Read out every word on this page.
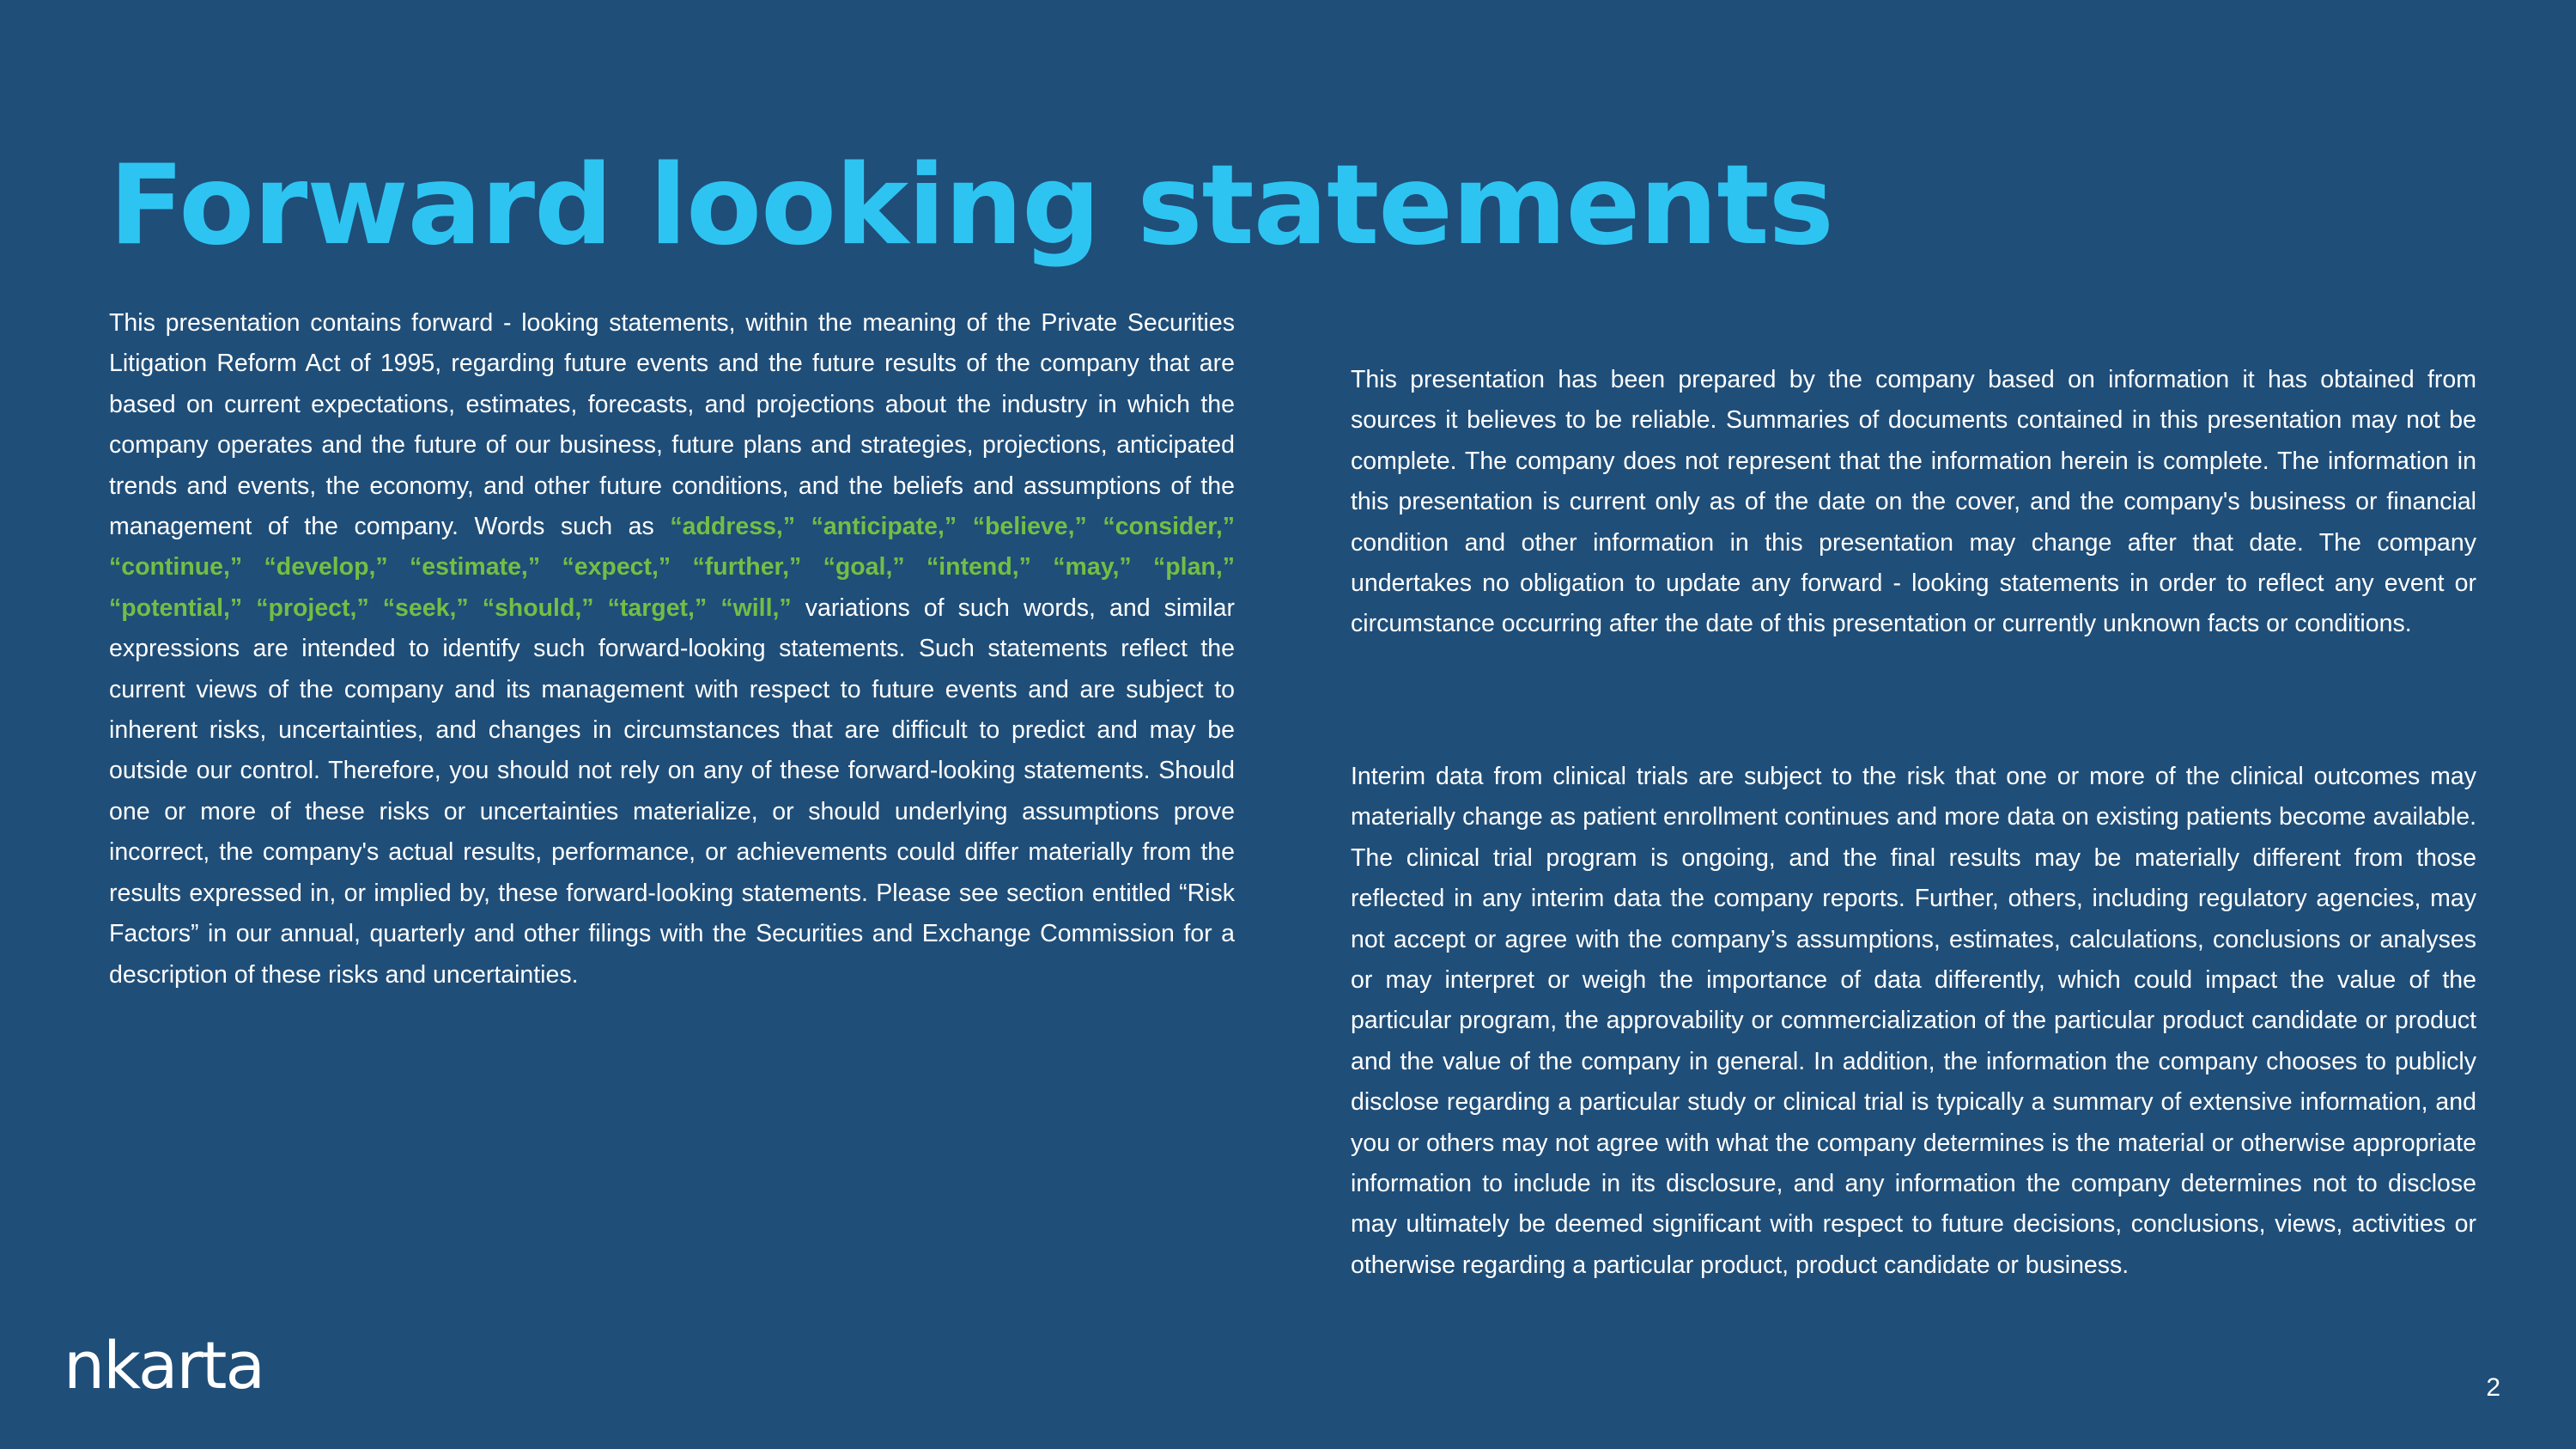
Forward looking statements

This presentation contains forward - looking statements, within the meaning of the Private Securities Litigation Reform Act of 1995, regarding future events and the future results of the company that are based on current expectations, estimates, forecasts, and projections about the industry in which the company operates and the future of our business, future plans and strategies, projections, anticipated trends and events, the economy, and other future conditions, and the beliefs and assumptions of the management of the company. Words such as “address,” “anticipate,” “believe,” “consider,” “continue,” “develop,” “estimate,” “expect,” “further,” “goal,” “intend,” “may,” “plan,” “potential,” “project,” “seek,” “should,” “target,” “will,” variations of such words, and similar expressions are intended to identify such forward-looking statements. Such statements reflect the current views of the company and its management with respect to future events and are subject to inherent risks, uncertainties, and changes in circumstances that are difficult to predict and may be outside our control. Therefore, you should not rely on any of these forward-looking statements. Should one or more of these risks or uncertainties materialize, or should underlying assumptions prove incorrect, the company's actual results, performance, or achievements could differ materially from the results expressed in, or implied by, these forward-looking statements. Please see section entitled “Risk Factors” in our annual, quarterly and other filings with the Securities and Exchange Commission for a description of these risks and uncertainties.

This presentation has been prepared by the company based on information it has obtained from sources it believes to be reliable. Summaries of documents contained in this presentation may not be complete. The company does not represent that the information herein is complete. The information in this presentation is current only as of the date on the cover, and the company's business or financial condition and other information in this presentation may change after that date. The company undertakes no obligation to update any forward - looking statements in order to reflect any event or circumstance occurring after the date of this presentation or currently unknown facts or conditions.

Interim data from clinical trials are subject to the risk that one or more of the clinical outcomes may materially change as patient enrollment continues and more data on existing patients become available. The clinical trial program is ongoing, and the final results may be materially different from those reflected in any interim data the company reports. Further, others, including regulatory agencies, may not accept or agree with the company’s assumptions, estimates, calculations, conclusions or analyses or may interpret or weigh the importance of data differently, which could impact the value of the particular program, the approvability or commercialization of the particular product candidate or product and the value of the company in general. In addition, the information the company chooses to publicly disclose regarding a particular study or clinical trial is typically a summary of extensive information, and you or others may not agree with what the company determines is the material or otherwise appropriate information to include in its disclosure, and any information the company determines not to disclose may ultimately be deemed significant with respect to future decisions, conclusions, views, activities or otherwise regarding a particular product, product candidate or business.

nkarta	2
